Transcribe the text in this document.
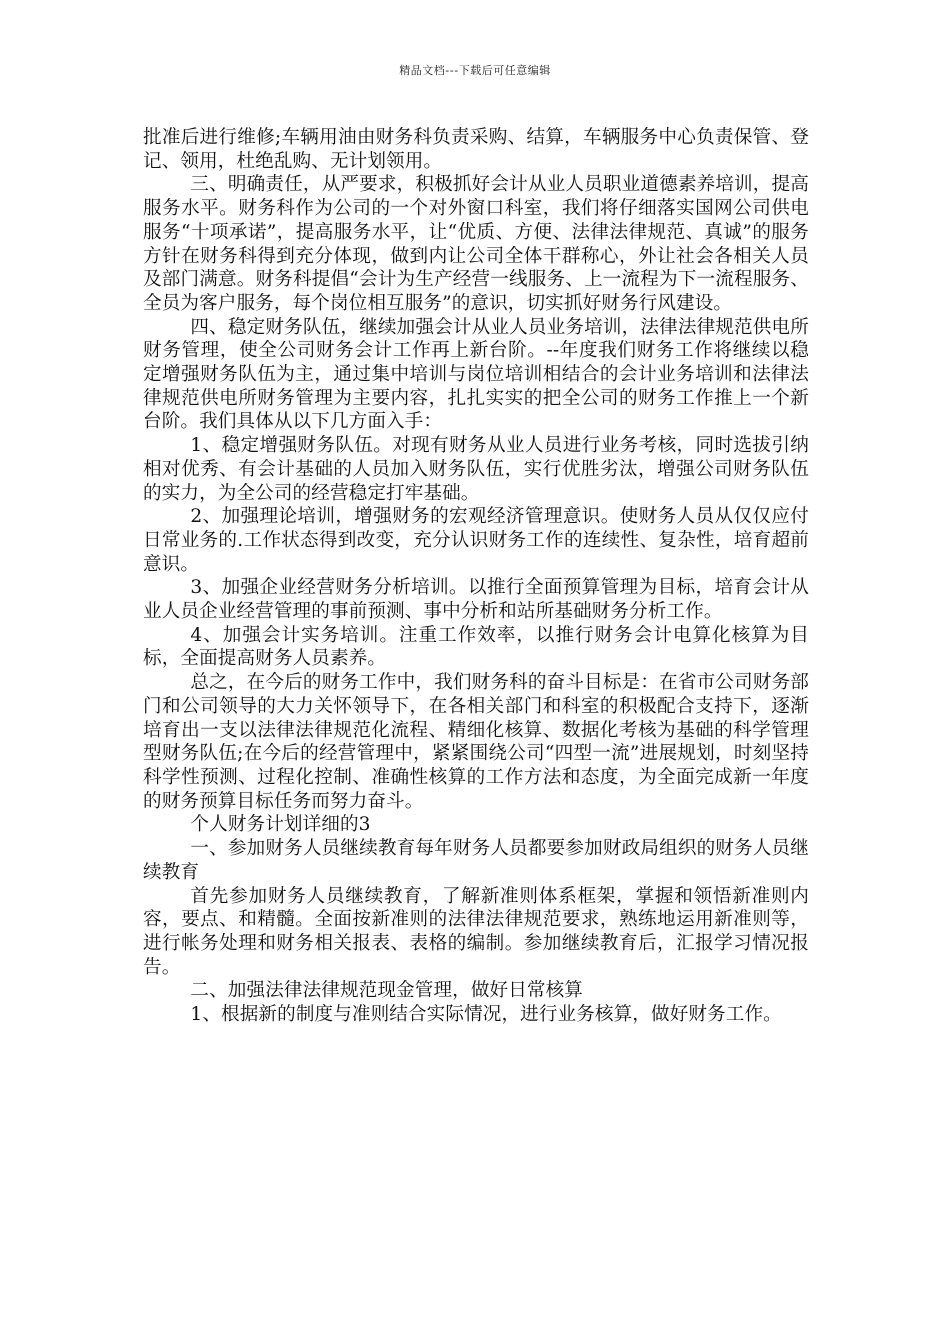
精品文档---下载后可任意编辑

批准后进行维修;车辆用油由财务科负责采购、结算，车辆服务中心负责保管、登记、领用，杜绝乱购、无计划领用。

三、明确责任，从严要求，积极抓好会计从业人员职业道德素养培训，提高服务水平。财务科作为公司的一个对外窗口科室，我们将仔细落实国网公司供电服务“十项承诺”，提高服务水平，让“优质、方便、法律法律规范、真诚”的服务方针在财务科得到充分体现，做到内让公司全体干群称心，外让社会各相关人员及部门满意。财务科提倡“会计为生产经营一线服务、上一流程为下一流程服务、全员为客户服务，每个岗位相互服务”的意识，切实抓好财务行风建设。

四、稳定财务队伍，继续加强会计从业人员业务培训，法律法律规范供电所财务管理，使全公司财务会计工作再上新台阶。--年度我们财务工作将继续以稳定增强财务队伍为主，通过集中培训与岗位培训相结合的会计业务培训和法律法律规范供电所财务管理为主要内容，扎扎实实的把全公司的财务工作推上一个新台阶。我们具体从以下几方面入手：

1、稳定增强财务队伍。对现有财务从业人员进行业务考核，同时选拔引纳相对优秀、有会计基础的人员加入财务队伍，实行优胜劣汰，增强公司财务队伍的实力，为全公司的经营稳定打牢基础。

2、加强理论培训，增强财务的宏观经济管理意识。使财务人员从仅仅应付日常业务的.工作状态得到改变，充分认识财务工作的连续性、复杂性，培育超前意识。

3、加强企业经营财务分析培训。以推行全面预算管理为目标，培育会计从业人员企业经营管理的事前预测、事中分析和站所基础财务分析工作。

4、加强会计实务培训。注重工作效率，以推行财务会计电算化核算为目标，全面提高财务人员素养。

总之，在今后的财务工作中，我们财务科的奋斗目标是：在省市公司财务部门和公司领导的大力关怀领导下，在各相关部门和科室的积极配合支持下，逐渐培育出一支以法律法律规范化流程、精细化核算、数据化考核为基础的科学管理型财务队伍;在今后的经营管理中，紧紧围绕公司“四型一流”进展规划，时刻坚持科学性预测、过程化控制、准确性核算的工作方法和态度，为全面完成新一年度的财务预算目标任务而努力奋斗。

个人财务计划详细的3

一、参加财务人员继续教育每年财务人员都要参加财政局组织的财务人员继续教育

首先参加财务人员继续教育，了解新准则体系框架，掌握和领悟新准则内容，要点、和精髓。全面按新准则的法律法律规范要求，熟练地运用新准则等，进行帐务处理和财务相关报表、表格的编制。参加继续教育后，汇报学习情况报告。

二、加强法律法律规范现金管理，做好日常核算

1、根据新的制度与准则结合实际情况，进行业务核算，做好财务工作。
